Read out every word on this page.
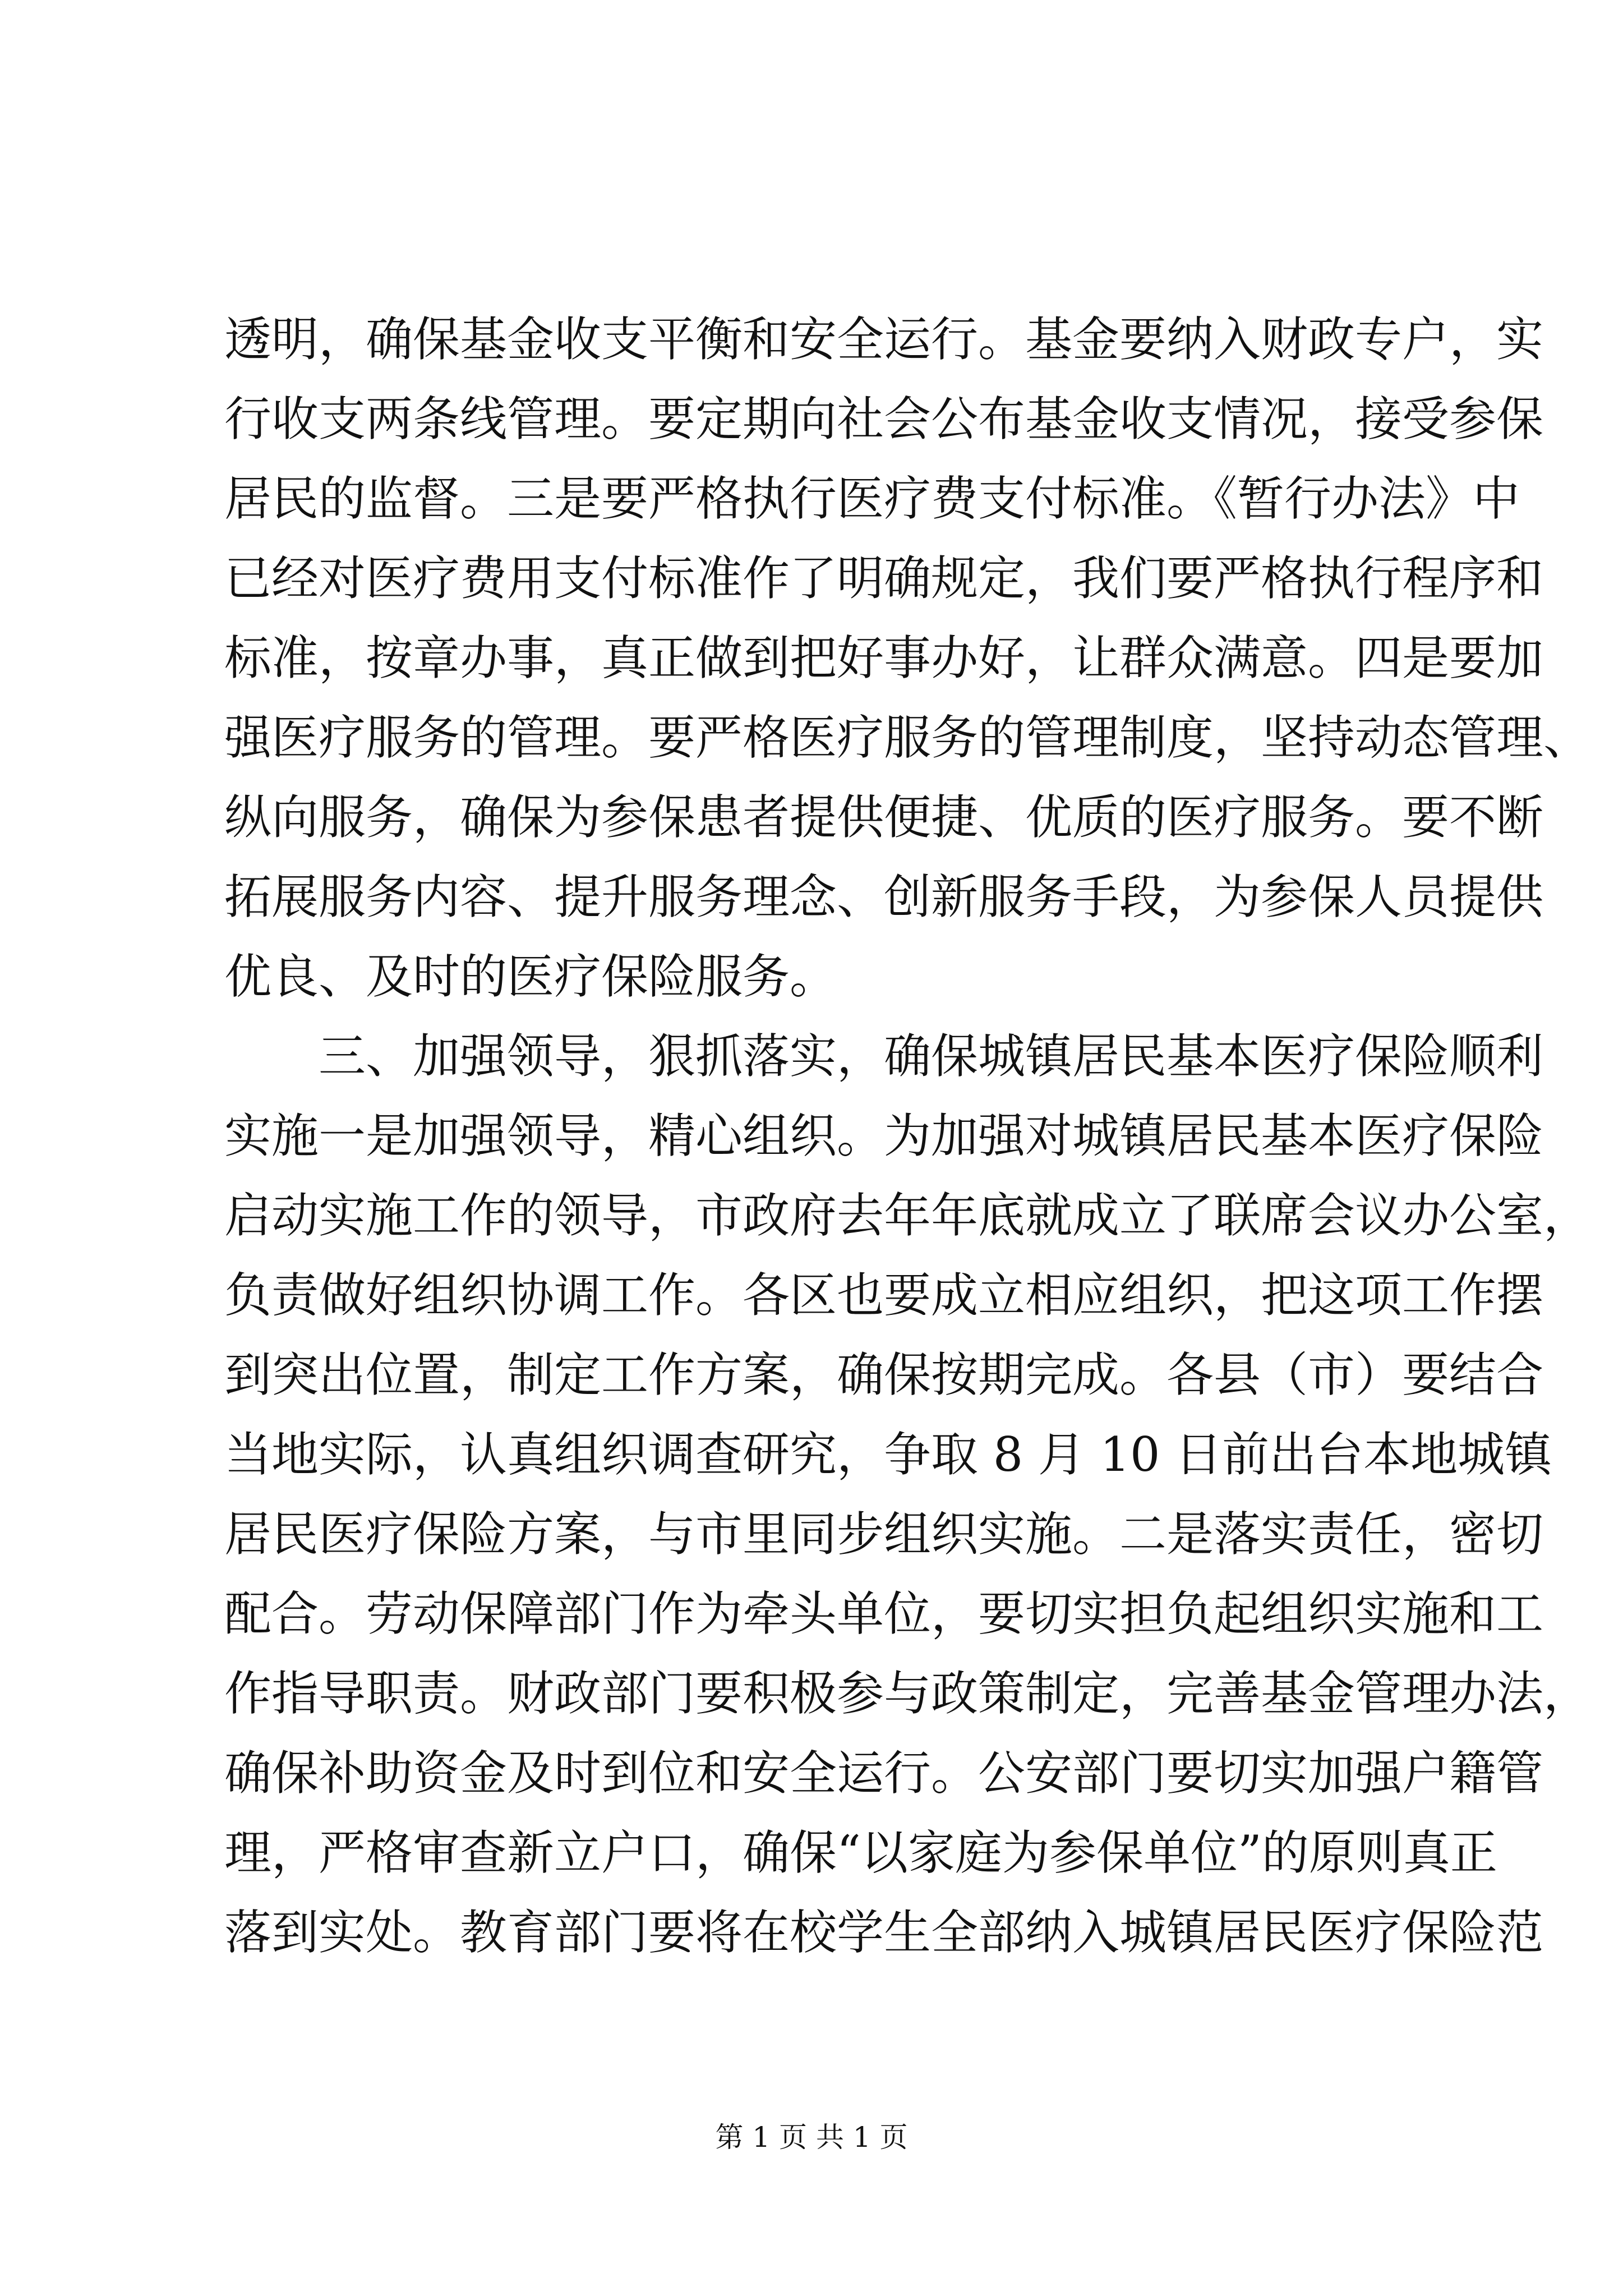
透明，确保基金收支平衡和安全运行。基金要纳入财政专户，实
行收支两条线管理。要定期向社会公布基金收支情况，接受参保
居民的监督。三是要严格执行医疗费支付标准。《暂行办法》中
已经对医疗费用支付标准作了明确规定，我们要严格执行程序和
标准，按章办事，真正做到把好事办好，让群众满意。四是要加
强医疗服务的管理。要严格医疗服务的管理制度，坚持动态管理、
纵向服务，确保为参保患者提供便捷、优质的医疗服务。要不断
拓展服务内容、提升服务理念、创新服务手段，为参保人员提供
优良、及时的医疗保险服务。
三、加强领导，狠抓落实，确保城镇居民基本医疗保险顺利
实施一是加强领导，精心组织。为加强对城镇居民基本医疗保险
启动实施工作的领导，市政府去年年底就成立了联席会议办公室，
负责做好组织协调工作。各区也要成立相应组织，把这项工作摆
到突出位置，制定工作方案，确保按期完成。各县（市）要结合
当地实际，认真组织调查研究，争取 8 月 10 日前出台本地城镇
居民医疗保险方案，与市里同步组织实施。二是落实责任，密切
配合。劳动保障部门作为牵头单位，要切实担负起组织实施和工
作指导职责。财政部门要积极参与政策制定，完善基金管理办法，
确保补助资金及时到位和安全运行。公安部门要切实加强户籍管
理，严格审查新立户口，确保“以家庭为参保单位”的原则真正
落到实处。教育部门要将在校学生全部纳入城镇居民医疗保险范
第 1 页 共 1 页
